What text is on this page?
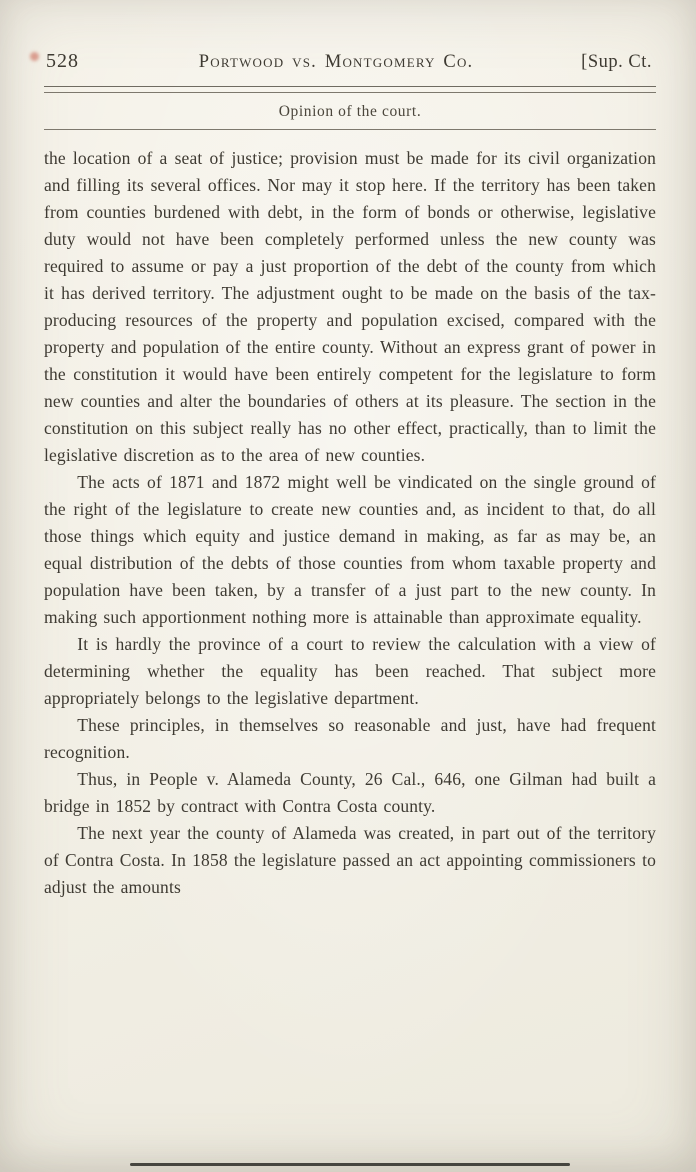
528	Portwood vs. Montgomery Co.	[Sup. Ct.
Opinion of the court.

the location of a seat of justice; provision must be made for its civil organization and filling its several offices. Nor may it stop here. If the territory has been taken from counties burdened with debt, in the form of bonds or otherwise, legislative duty would not have been completely performed unless the new county was required to assume or pay a just proportion of the debt of the county from which it has derived territory. The adjustment ought to be made on the basis of the tax-producing resources of the property and population excised, compared with the property and population of the entire county. Without an express grant of power in the constitution it would have been entirely competent for the legislature to form new counties and alter the boundaries of others at its pleasure. The section in the constitution on this subject really has no other effect, practically, than to limit the legislative discretion as to the area of new counties.

The acts of 1871 and 1872 might well be vindicated on the single ground of the right of the legislature to create new counties and, as incident to that, do all those things which equity and justice demand in making, as far as may be, an equal distribution of the debts of those counties from whom taxable property and population have been taken, by a transfer of a just part to the new county. In making such apportionment nothing more is attainable than approximate equality.

It is hardly the province of a court to review the calculation with a view of determining whether the equality has been reached. That subject more appropriately belongs to the legislative department.

These principles, in themselves so reasonable and just, have had frequent recognition.

Thus, in People v. Alameda County, 26 Cal., 646, one Gilman had built a bridge in 1852 by contract with Contra Costa county.

The next year the county of Alameda was created, in part out of the territory of Contra Costa. In 1858 the legislature passed an act appointing commissioners to adjust the amounts
